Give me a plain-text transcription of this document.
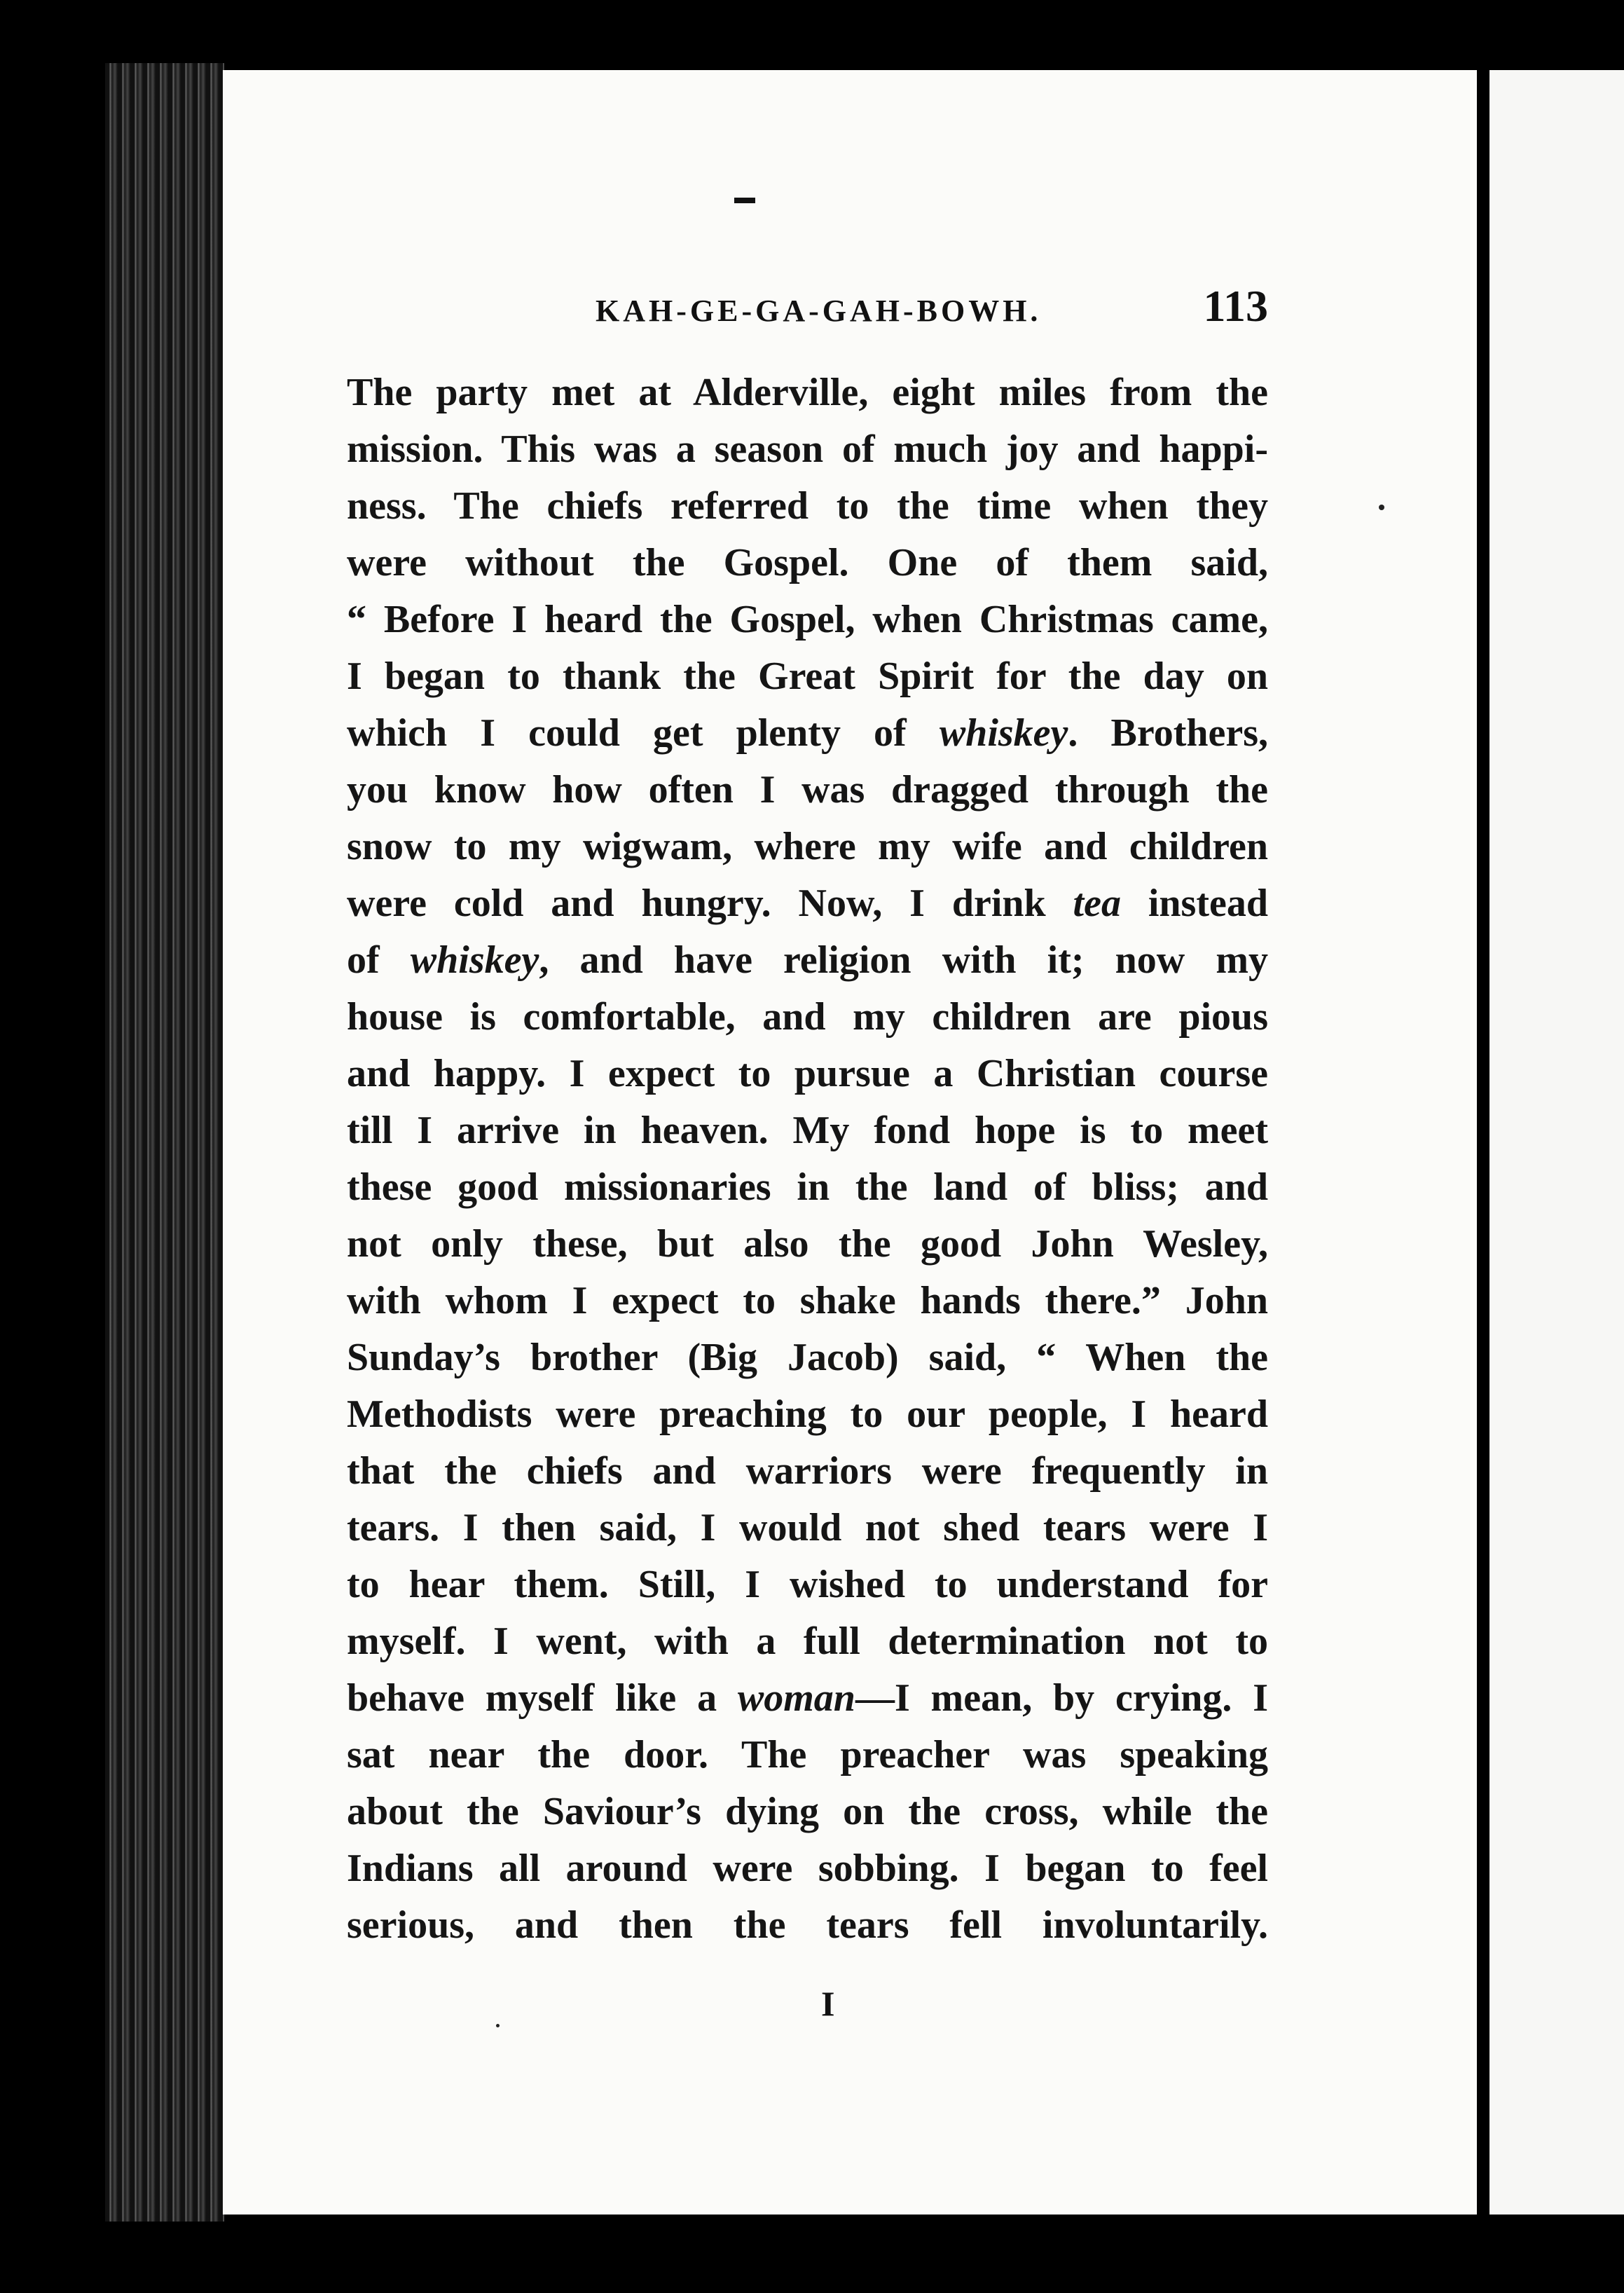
KAH-GE-GA-GAH-BOWH.	113
The party met at Alderville, eight miles from the
mission. This was a season of much joy and happi-
ness. The chiefs referred to the time when they
were without the Gospel. One of them said,
“ Before I heard the Gospel, when Christmas came,
I began to thank the Great Spirit for the day on
which I could get plenty of whiskey. Brothers,
you know how often I was dragged through the
snow to my wigwam, where my wife and children
were cold and hungry. Now, I drink tea instead
of whiskey, and have religion with it; now my
house is comfortable, and my children are pious
and happy. I expect to pursue a Christian course
till I arrive in heaven. My fond hope is to meet
these good missionaries in the land of bliss; and
not only these, but also the good John Wesley,
with whom I expect to shake hands there.” John
Sunday’s brother (Big Jacob) said, “ When the
Methodists were preaching to our people, I heard
that the chiefs and warriors were frequently in
tears. I then said, I would not shed tears were I
to hear them. Still, I wished to understand for
myself. I went, with a full determination not to
behave myself like a woman—I mean, by crying. I
sat near the door. The preacher was speaking
about the Saviour’s dying on the cross, while the
Indians all around were sobbing. I began to feel
serious, and then the tears fell involuntarily.
I
